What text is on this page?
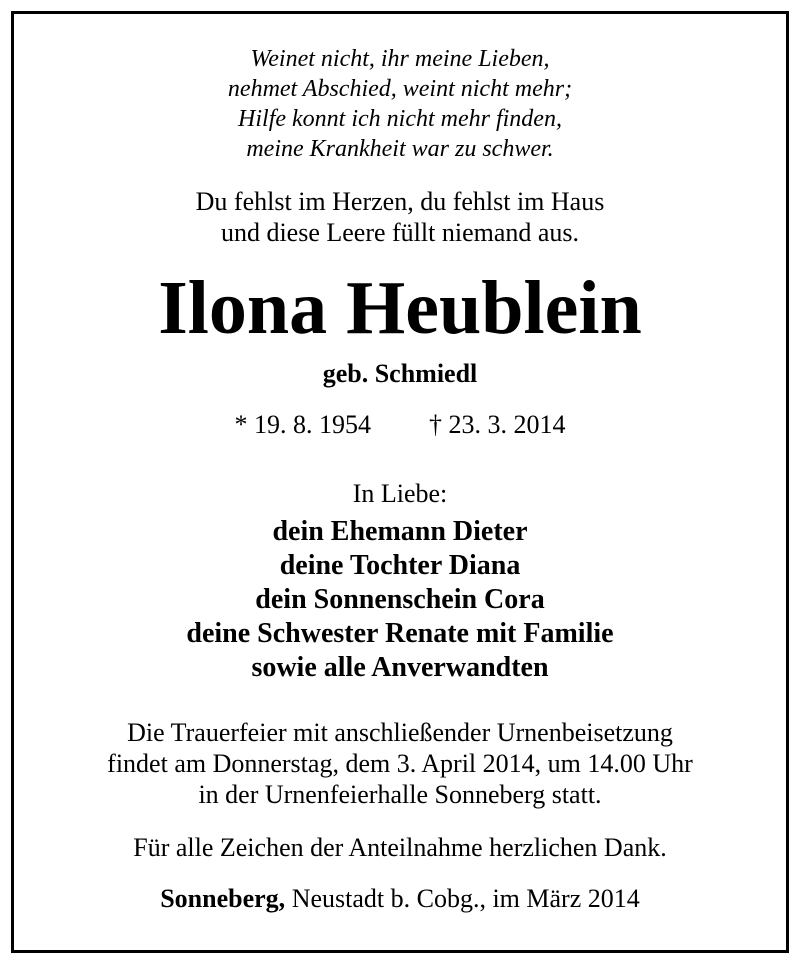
Weinet nicht, ihr meine Lieben,
nehmet Abschied, weint nicht mehr;
Hilfe konnt ich nicht mehr finden,
meine Krankheit war zu schwer.
Du fehlst im Herzen, du fehlst im Haus
und diese Leere füllt niemand aus.
Ilona Heublein
geb. Schmiedl
* 19. 8. 1954 † 23. 3. 2014
In Liebe:
dein Ehemann Dieter
deine Tochter Diana
dein Sonnenschein Cora
deine Schwester Renate mit Familie
sowie alle Anverwandten
Die Trauerfeier mit anschließender Urnenbeisetzung
findet am Donnerstag, dem 3. April 2014, um 14.00 Uhr
in der Urnenfeierhalle Sonneberg statt.
Für alle Zeichen der Anteilnahme herzlichen Dank.
Sonneberg, Neustadt b. Cobg., im März 2014
